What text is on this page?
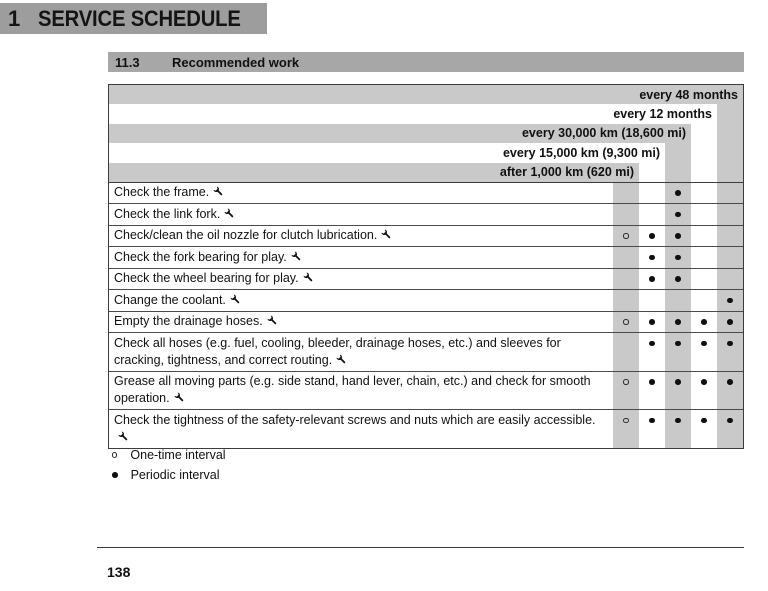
1 SERVICE SCHEDULE
11.3	Recommended work
every 48 months
every 12 months
every 30,000 km (18,600 mi)
every 15,000 km (9,300 mi)
after 1,000 km (620 mi)
Check the frame.
Check the link fork.
Check/clean the oil nozzle for clutch lubrication.
Check the fork bearing for play.
Check the wheel bearing for play.
Change the coolant.
Empty the drainage hoses.
Check all hoses (e.g. fuel, cooling, bleeder, drainage hoses, etc.) and sleeves for cracking, tightness, and correct routing.
Grease all moving parts (e.g. side stand, hand lever, chain, etc.) and check for smooth operation.
Check the tightness of the safety-relevant screws and nuts which are easily accessible.
One-time interval
Periodic interval
138
